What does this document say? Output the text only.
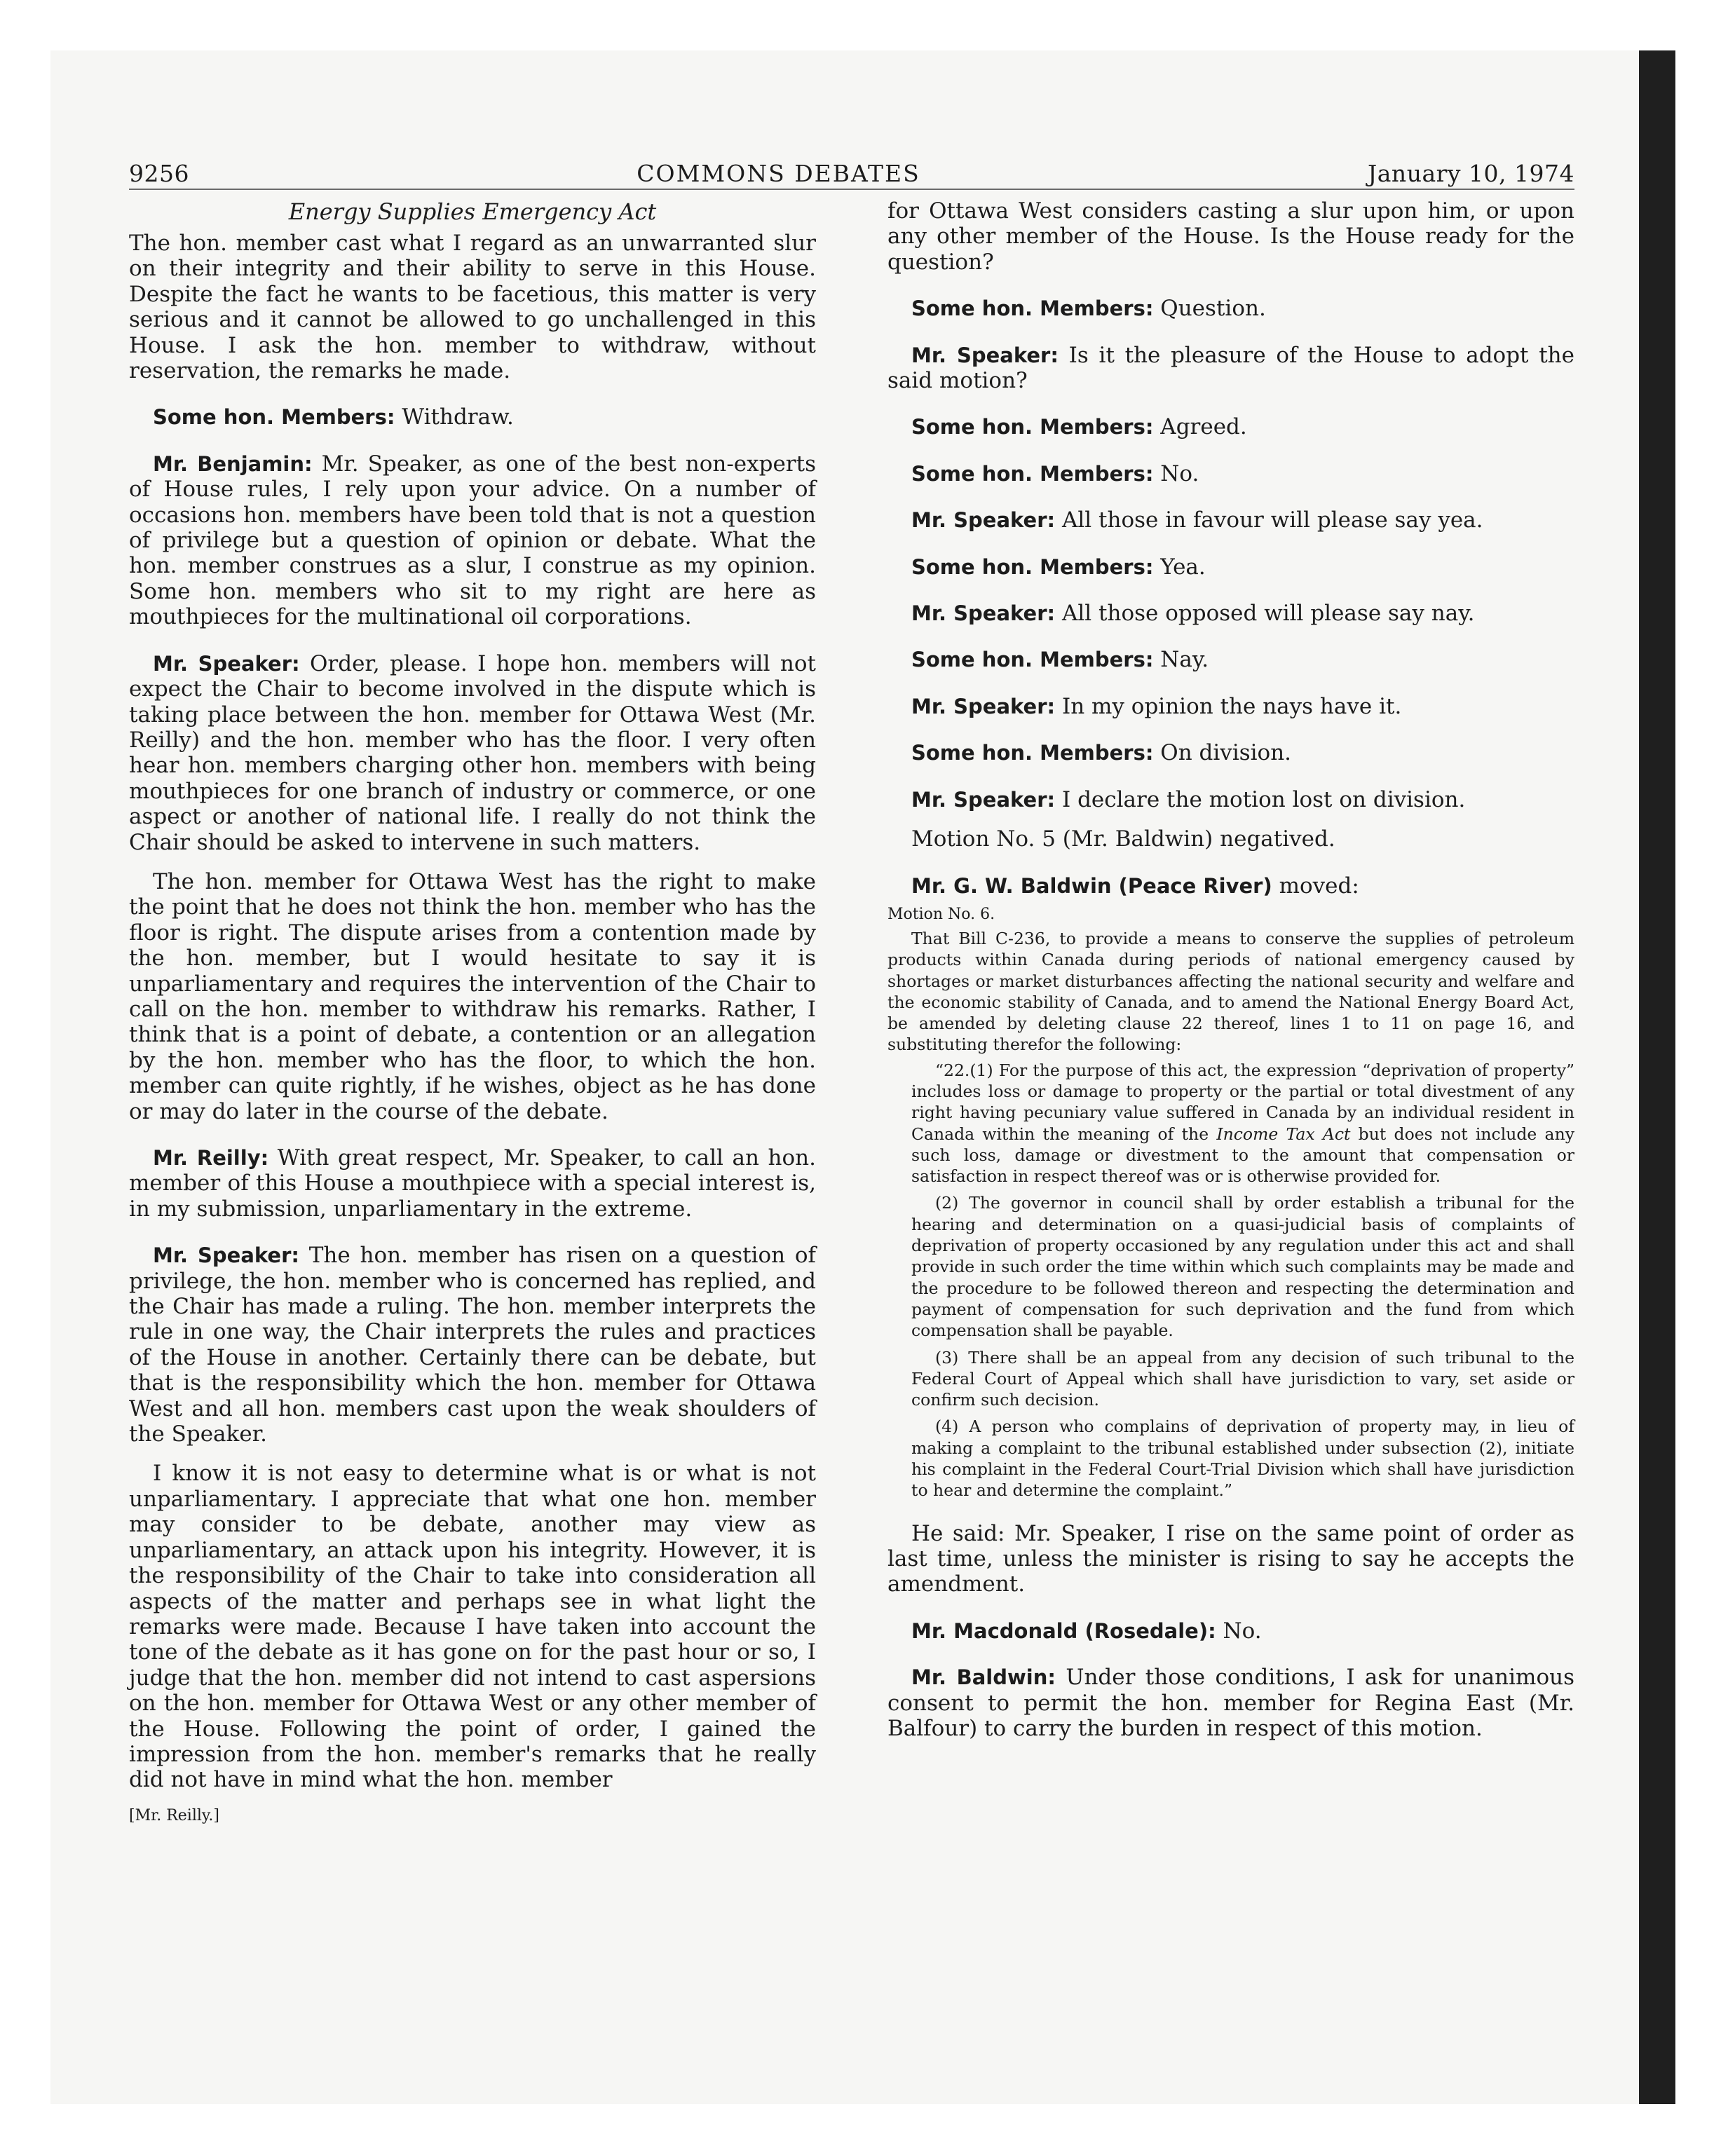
9256	COMMONS DEBATES	January 10, 1974
Energy Supplies Emergency Act

The hon. member cast what I regard as an unwarranted slur on their integrity and their ability to serve in this House. Despite the fact he wants to be facetious, this matter is very serious and it cannot be allowed to go unchallenged in this House. I ask the hon. member to withdraw, without reservation, the remarks he made.

Some hon. Members: Withdraw.

Mr. Benjamin: Mr. Speaker, as one of the best non-experts of House rules, I rely upon your advice. On a number of occasions hon. members have been told that is not a question of privilege but a question of opinion or debate. What the hon. member construes as a slur, I construe as my opinion. Some hon. members who sit to my right are here as mouthpieces for the multinational oil corporations.

Mr. Speaker: Order, please. I hope hon. members will not expect the Chair to become involved in the dispute which is taking place between the hon. member for Ottawa West (Mr. Reilly) and the hon. member who has the floor. I very often hear hon. members charging other hon. members with being mouthpieces for one branch of industry or commerce, or one aspect or another of national life. I really do not think the Chair should be asked to intervene in such matters.

The hon. member for Ottawa West has the right to make the point that he does not think the hon. member who has the floor is right. The dispute arises from a contention made by the hon. member, but I would hesitate to say it is unparliamentary and requires the intervention of the Chair to call on the hon. member to withdraw his remarks. Rather, I think that is a point of debate, a contention or an allegation by the hon. member who has the floor, to which the hon. member can quite rightly, if he wishes, object as he has done or may do later in the course of the debate.

Mr. Reilly: With great respect, Mr. Speaker, to call an hon. member of this House a mouthpiece with a special interest is, in my submission, unparliamentary in the extreme.

Mr. Speaker: The hon. member has risen on a question of privilege, the hon. member who is concerned has replied, and the Chair has made a ruling. The hon. member interprets the rule in one way, the Chair interprets the rules and practices of the House in another. Certainly there can be debate, but that is the responsibility which the hon. member for Ottawa West and all hon. members cast upon the weak shoulders of the Speaker.

I know it is not easy to determine what is or what is not unparliamentary. I appreciate that what one hon. member may consider to be debate, another may view as unparliamentary, an attack upon his integrity. However, it is the responsibility of the Chair to take into consideration all aspects of the matter and perhaps see in what light the remarks were made. Because I have taken into account the tone of the debate as it has gone on for the past hour or so, I judge that the hon. member did not intend to cast aspersions on the hon. member for Ottawa West or any other member of the House. Following the point of order, I gained the impression from the hon. member's remarks that he really did not have in mind what the hon. member

[Mr. Reilly.]

for Ottawa West considers casting a slur upon him, or upon any other member of the House. Is the House ready for the question?

Some hon. Members: Question.

Mr. Speaker: Is it the pleasure of the House to adopt the said motion?

Some hon. Members: Agreed.

Some hon. Members: No.

Mr. Speaker: All those in favour will please say yea.

Some hon. Members: Yea.

Mr. Speaker: All those opposed will please say nay.

Some hon. Members: Nay.

Mr. Speaker: In my opinion the nays have it.

Some hon. Members: On division.

Mr. Speaker: I declare the motion lost on division.

Motion No. 5 (Mr. Baldwin) negatived.

Mr. G. W. Baldwin (Peace River) moved:

Motion No. 6.

That Bill C-236, to provide a means to conserve the supplies of petroleum products within Canada during periods of national emergency caused by shortages or market disturbances affecting the national security and welfare and the economic stability of Canada, and to amend the National Energy Board Act, be amended by deleting clause 22 thereof, lines 1 to 11 on page 16, and substituting therefor the following:

“22.(1) For the purpose of this act, the expression “deprivation of property” includes loss or damage to property or the partial or total divestment of any right having pecuniary value suffered in Canada by an individual resident in Canada within the meaning of the Income Tax Act but does not include any such loss, damage or divestment to the amount that compensation or satisfaction in respect thereof was or is otherwise provided for.

(2) The governor in council shall by order establish a tribunal for the hearing and determination on a quasi-judicial basis of complaints of deprivation of property occasioned by any regulation under this act and shall provide in such order the time within which such complaints may be made and the procedure to be followed thereon and respecting the determination and payment of compensation for such deprivation and the fund from which compensation shall be payable.

(3) There shall be an appeal from any decision of such tribunal to the Federal Court of Appeal which shall have jurisdiction to vary, set aside or confirm such decision.

(4) A person who complains of deprivation of property may, in lieu of making a complaint to the tribunal established under subsection (2), initiate his complaint in the Federal Court-Trial Division which shall have jurisdiction to hear and determine the complaint.”

He said: Mr. Speaker, I rise on the same point of order as last time, unless the minister is rising to say he accepts the amendment.

Mr. Macdonald (Rosedale): No.

Mr. Baldwin: Under those conditions, I ask for unanimous consent to permit the hon. member for Regina East (Mr. Balfour) to carry the burden in respect of this motion.
